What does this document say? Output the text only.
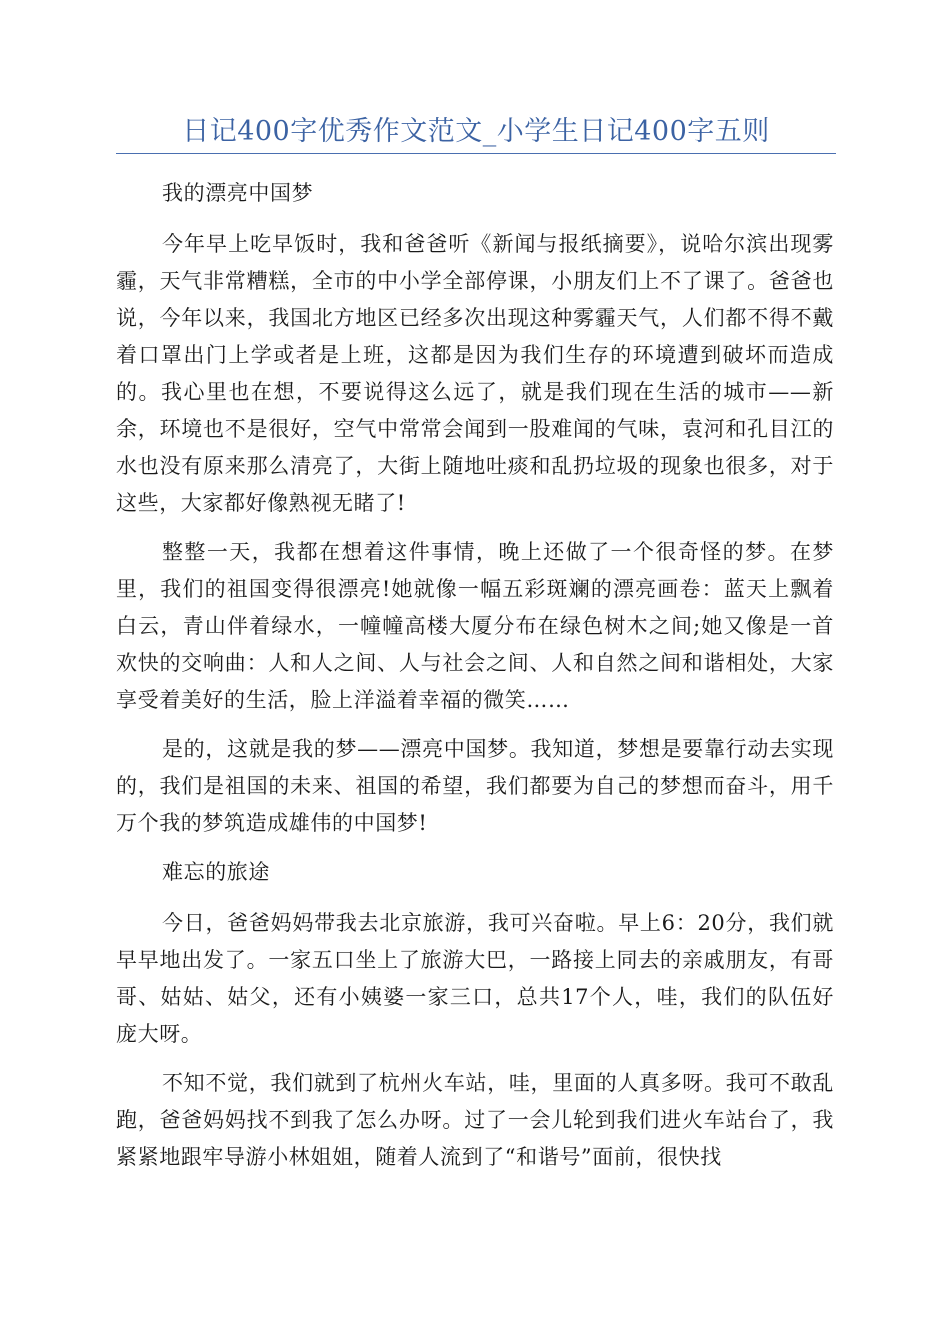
日记400字优秀作文范文_小学生日记400字五则

我的漂亮中国梦

今年早上吃早饭时，我和爸爸听《新闻与报纸摘要》，说哈尔滨出现雾霾，天气非常糟糕，全市的中小学全部停课，小朋友们上不了课了。爸爸也说，今年以来，我国北方地区已经多次出现这种雾霾天气，人们都不得不戴着口罩出门上学或者是上班，这都是因为我们生存的环境遭到破坏而造成的。我心里也在想，不要说得这么远了，就是我们现在生活的城市——新余，环境也不是很好，空气中常常会闻到一股难闻的气味，袁河和孔目江的水也没有原来那么清亮了，大街上随地吐痰和乱扔垃圾的现象也很多，对于这些，大家都好像熟视无睹了!

整整一天，我都在想着这件事情，晚上还做了一个很奇怪的梦。在梦里，我们的祖国变得很漂亮!她就像一幅五彩斑斓的漂亮画卷：蓝天上飘着白云，青山伴着绿水，一幢幢高楼大厦分布在绿色树木之间;她又像是一首欢快的交响曲：人和人之间、人与社会之间、人和自然之间和谐相处，大家享受着美好的生活，脸上洋溢着幸福的微笑……

是的，这就是我的梦——漂亮中国梦。我知道，梦想是要靠行动去实现的，我们是祖国的未来、祖国的希望，我们都要为自己的梦想而奋斗，用千万个我的梦筑造成雄伟的中国梦!

难忘的旅途

今日，爸爸妈妈带我去北京旅游，我可兴奋啦。早上6：20分，我们就早早地出发了。一家五口坐上了旅游大巴，一路接上同去的亲戚朋友，有哥哥、姑姑、姑父，还有小姨婆一家三口，总共17个人，哇，我们的队伍好庞大呀。

不知不觉，我们就到了杭州火车站，哇，里面的人真多呀。我可不敢乱跑，爸爸妈妈找不到我了怎么办呀。过了一会儿轮到我们进火车站台了，我紧紧地跟牢导游小林姐姐，随着人流到了“和谐号”面前，很快找
